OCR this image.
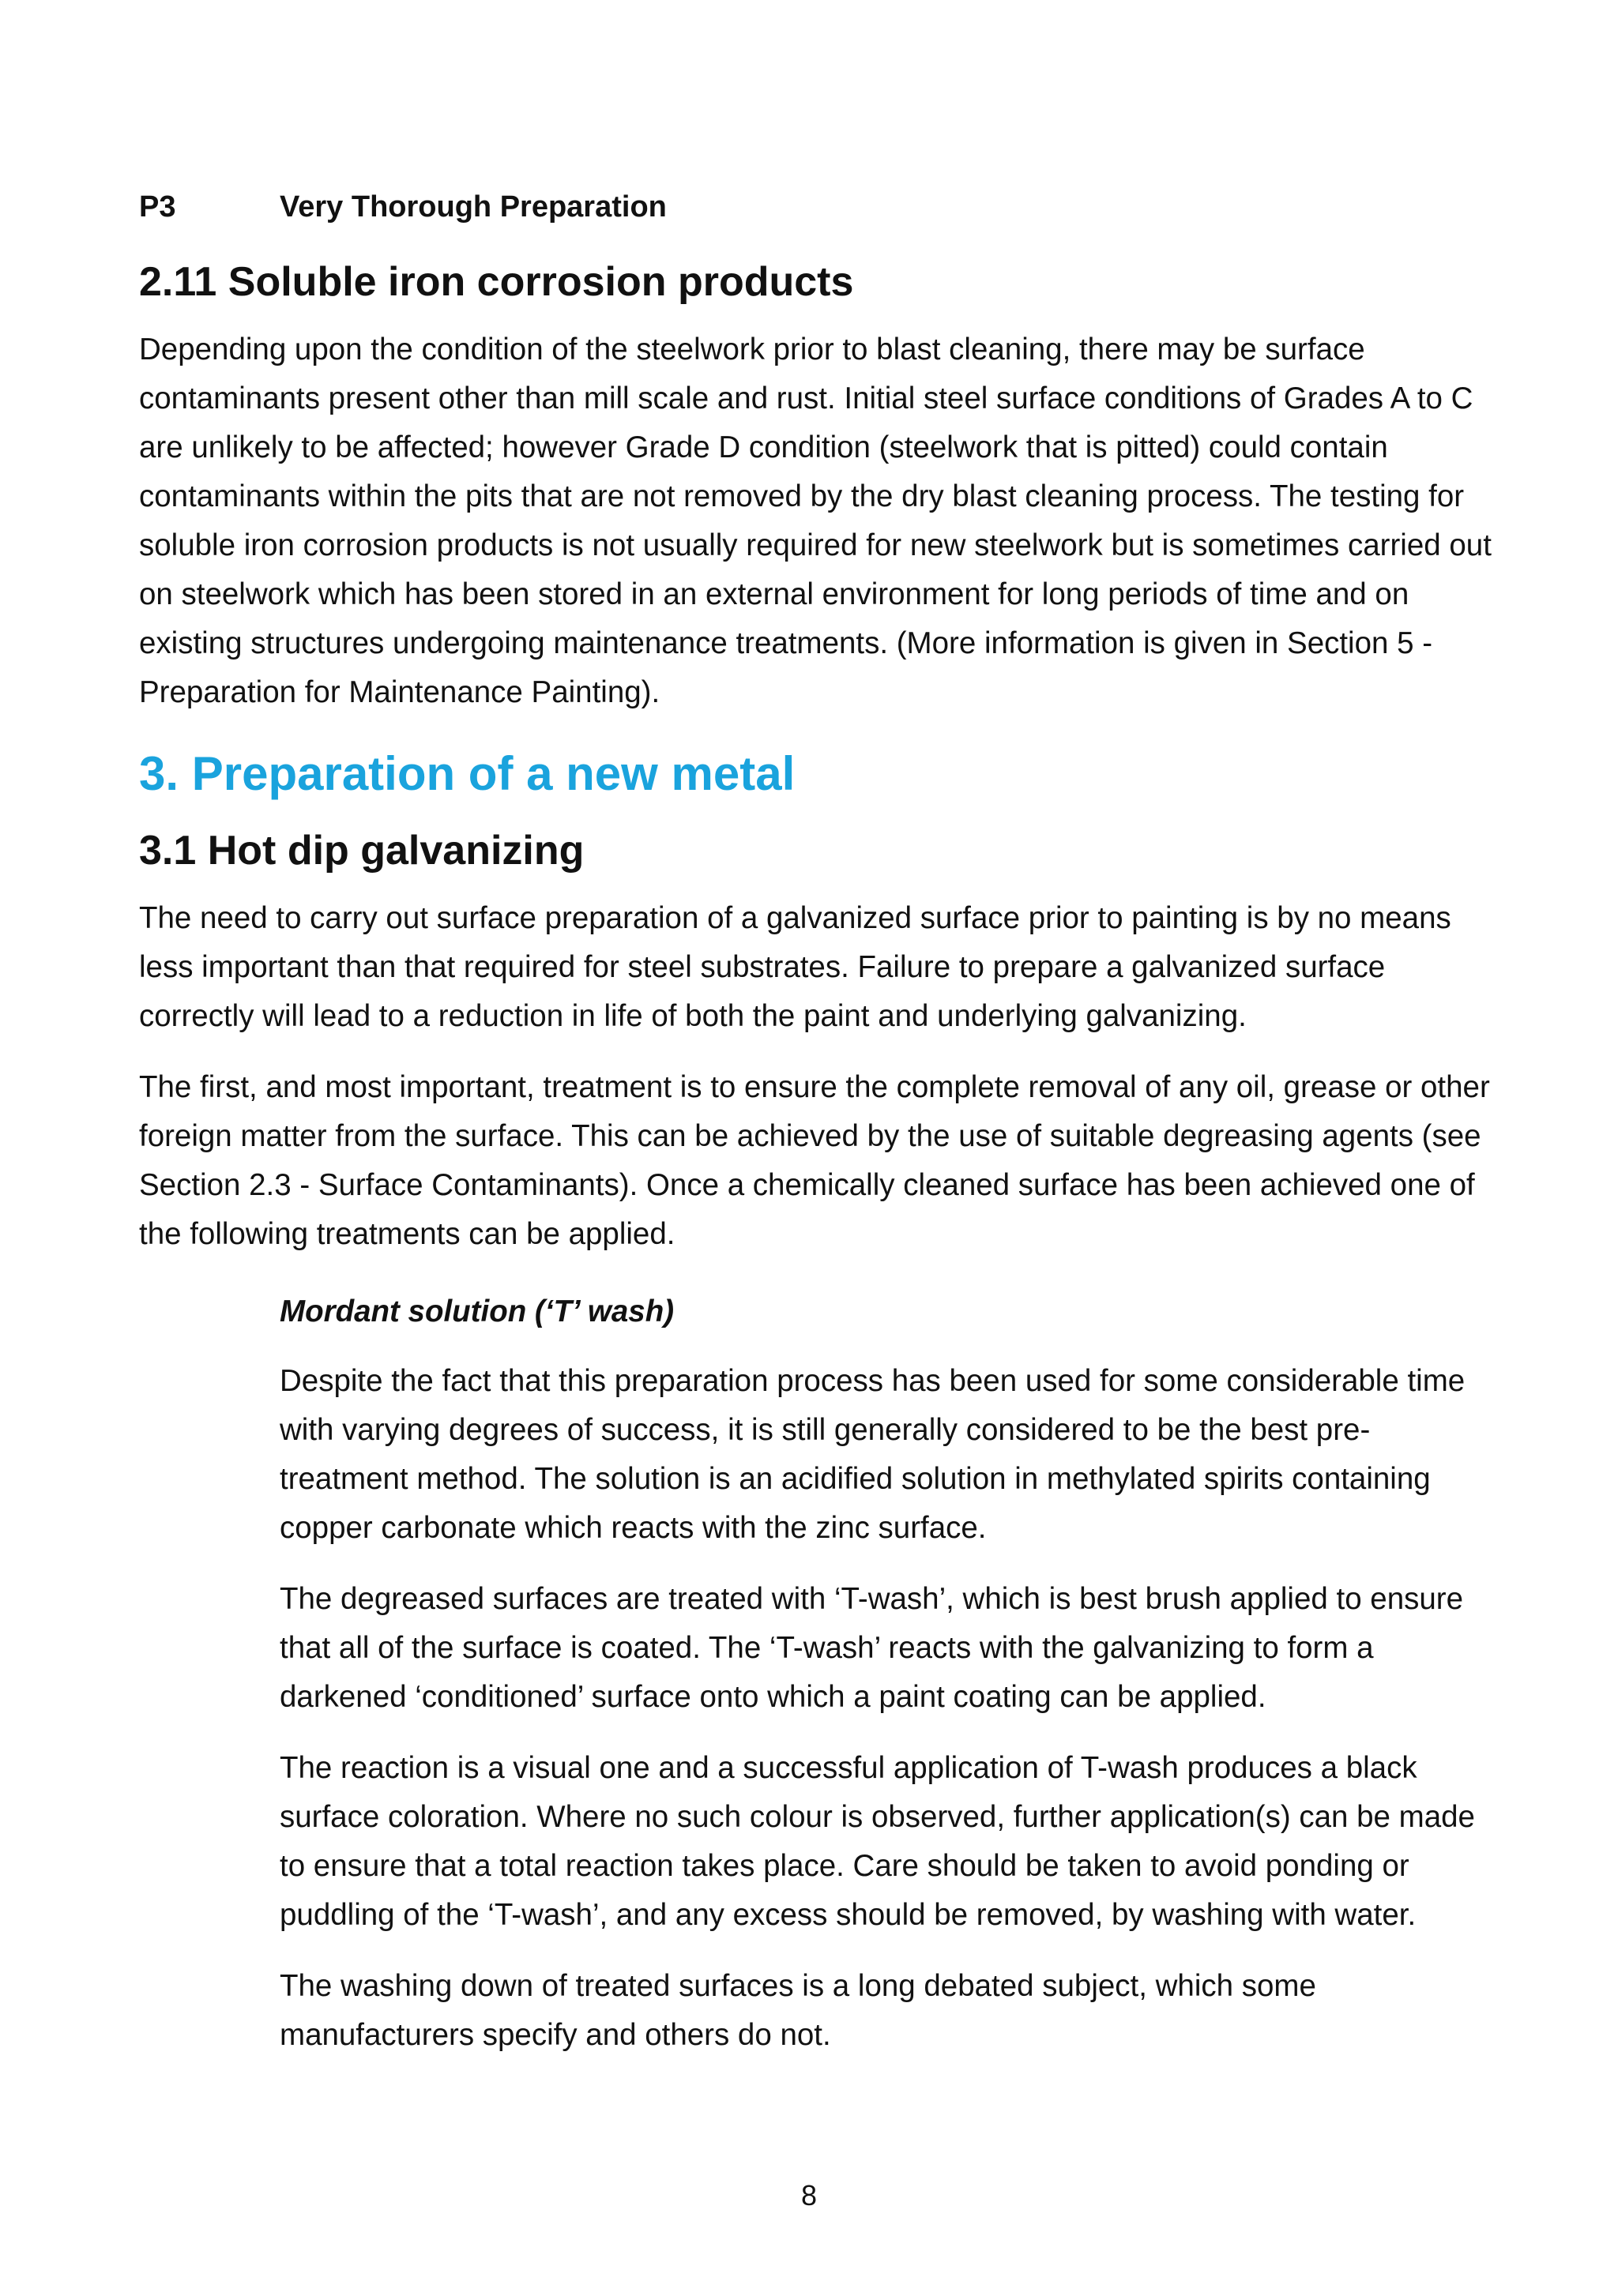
P3	Very Thorough Preparation
2.11 Soluble iron corrosion products

Depending upon the condition of the steelwork prior to blast cleaning, there may be surface contaminants present other than mill scale and rust. Initial steel surface conditions of Grades A to C are unlikely to be affected; however Grade D condition (steelwork that is pitted) could contain contaminants within the pits that are not removed by the dry blast cleaning process. The testing for soluble iron corrosion products is not usually required for new steelwork but is sometimes carried out on steelwork which has been stored in an external environment for long periods of time and on existing structures undergoing maintenance treatments. (More information is given in Section 5 - Preparation for Maintenance Painting).

3. Preparation of a new metal
3.1 Hot dip galvanizing

The need to carry out surface preparation of a galvanized surface prior to painting is by no means less important than that required for steel substrates. Failure to prepare a galvanized surface correctly will lead to a reduction in life of both the paint and underlying galvanizing.

The first, and most important, treatment is to ensure the complete removal of any oil, grease or other foreign matter from the surface. This can be achieved by the use of suitable degreasing agents (see Section 2.3 - Surface Contaminants). Once a chemically cleaned surface has been achieved one of the following treatments can be applied.

Mordant solution (‘T’ wash)

Despite the fact that this preparation process has been used for some considerable time with varying degrees of success, it is still generally considered to be the best pre-treatment method. The solution is an acidified solution in methylated spirits containing copper carbonate which reacts with the zinc surface.

The degreased surfaces are treated with ‘T-wash’, which is best brush applied to ensure that all of the surface is coated. The ‘T-wash’ reacts with the galvanizing to form a darkened ‘conditioned’ surface onto which a paint coating can be applied.

The reaction is a visual one and a successful application of T-wash produces a black surface coloration. Where no such colour is observed, further application(s) can be made to ensure that a total reaction takes place. Care should be taken to avoid ponding or puddling of the ‘T-wash’, and any excess should be removed, by washing with water.

The washing down of treated surfaces is a long debated subject, which some manufacturers specify and others do not.

8
